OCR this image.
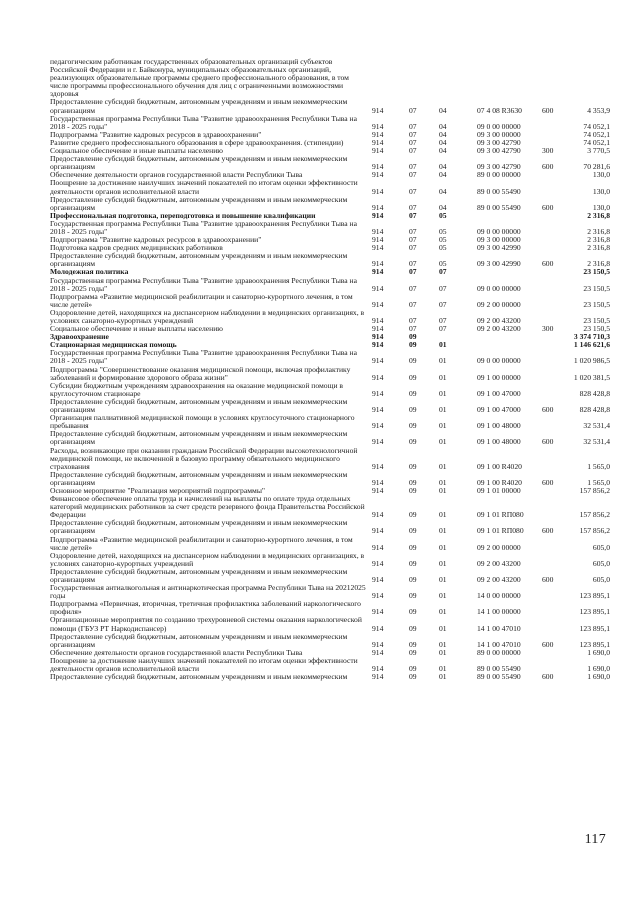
педагогическим работникам государственных образовательных организаций субъектов Российской Федерации и г. Байконура, муниципальных образовательных организаций, реализующих образовательные программы среднего профессионального образования, в том числе программы профессионального обучения для лиц с ограниченными возможностями здоровья						
Предоставление субсидий бюджетным, автономным учреждениям и иным некоммерческим организациям	914	07	04	07 4 08 R3630	600	4 353,9
Государственная программа Республики Тыва "Развитие здравоохранения Республики Тыва на 2018 - 2025 годы"	914	07	04	09 0 00 00000		74 052,1
Подпрограмма "Развитие кадровых ресурсов в здравоохранении"	914	07	04	09 3 00 00000		74 052,1
Развитие среднего профессионального образования в сфере здравоохранения. (стипендии)	914	07	04	09 3 00 42790		74 052,1
Социальное обеспечение и иные выплаты населению	914	07	04	09 3 00 42790	300	3 770,5
Предоставление субсидий бюджетным, автономным учреждениям и иным некоммерческим организациям	914	07	04	09 3 00 42790	600	70 281,6
Обеспечение деятельности органов государственной власти Республики Тыва	914	07	04	89 0 00 00000		130,0
Поощрение за достижение наилучших значений показателей по итогам оценки эффективности деятельности органов исполнительной власти	914	07	04	89 0 00 55490		130,0
Предоставление субсидий бюджетным, автономным учреждениям и иным некоммерческим организациям	914	07	04	89 0 00 55490	600	130,0
Профессиональная подготовка, переподготовка и повышение квалификации	914	07	05			2 316,8
Государственная программа Республики Тыва "Развитие здравоохранения Республики Тыва на 2018 - 2025 годы"	914	07	05	09 0 00 00000		2 316,8
Подпрограмма "Развитие кадровых ресурсов в здравоохранении"	914	07	05	09 3 00 00000		2 316,8
Подготовка кадров средних медицинских работников	914	07	05	09 3 00 42990		2 316,8
Предоставление субсидий бюджетным, автономным учреждениям и иным некоммерческим организациям	914	07	05	09 3 00 42990	600	2 316,8
Молодежная политика	914	07	07			23 150,5
Государственная программа Республики Тыва "Развитие здравоохранения Республики Тыва на 2018 - 2025 годы"	914	07	07	09 0 00 00000		23 150,5
Подпрограмма «Развитие медицинской реабилитации и санаторно-курортного лечения, в том числе детей»	914	07	07	09 2 00 00000		23 150,5
Оздоровление детей, находящихся на диспансерном наблюдении в медицинских организациях, в условиях санаторно-курортных учреждений	914	07	07	09 2 00 43200		23 150,5
Социальное обеспечение и иные выплаты населению	914	07	07	09 2 00 43200	300	23 150,5
Здравоохранение	914	09				3 374 710,3
Стационарная медицинская помощь	914	09	01			1 146 621,6
Государственная программа Республики Тыва "Развитие здравоохранения Республики Тыва на 2018 - 2025 годы"	914	09	01	09 0 00 00000		1 020 986,5
Подпрограмма "Совершенствование оказания медицинской помощи, включая профилактику заболеваний и формирование здорового образа жизни"	914	09	01	09 1 00 00000		1 020 381,5
Субсидии бюджетным учреждениям здравоохранения на оказание медицинской помощи в круглосуточном стационаре	914	09	01	09 1 00 47000		828 428,8
Предоставление субсидий бюджетным, автономным учреждениям и иным некоммерческим организациям	914	09	01	09 1 00 47000	600	828 428,8
Организация паллиативной медицинской помощи в условиях круглосуточного стационарного пребывания	914	09	01	09 1 00 48000		32 531,4
Предоставление субсидий бюджетным, автономным учреждениям и иным некоммерческим организациям	914	09	01	09 1 00 48000	600	32 531,4
Расходы, возникающие при оказании гражданам Российской Федерации высокотехнологичной медицинской помощи, не включенной в базовую программу обязательного медицинского страхования	914	09	01	09 1 00 R4020		1 565,0
Предоставление субсидий бюджетным, автономным учреждениям и иным некоммерческим организациям	914	09	01	09 1 00 R4020	600	1 565,0
Основное мероприятие "Реализация мероприятий подпрограммы"	914	09	01	09 1 01 00000		157 856,2
Финансовое обеспечение оплаты труда и начислений на выплаты по оплате труда отдельных категорий медицинских работников за счет средств резервного фонда Правительства Российской Федерации	914	09	01	09 1 01 RП080		157 856,2
Предоставление субсидий бюджетным, автономным учреждениям и иным некоммерческим организациям	914	09	01	09 1 01 RП080	600	157 856,2
Подпрограмма «Развитие медицинской реабилитации и санаторно-курортного лечения, в том числе детей»	914	09	01	09 2 00 00000		605,0
Оздоровление детей, находящихся на диспансерном наблюдении в медицинских организациях, в условиях санаторно-курортных учреждений	914	09	01	09 2 00 43200		605,0
Предоставление субсидий бюджетным, автономным учреждениям и иным некоммерческим организациям	914	09	01	09 2 00 43200	600	605,0
Государственная антиалкогольная и антинаркотическая программа Республики Тыва на 20212025 годы	914	09	01	14 0 00 00000		123 895,1
Подпрограмма «Первичная, вторичная, третичная профилактика заболеваний наркологического профиля»	914	09	01	14 1 00 00000		123 895,1
Организационные мероприятия по созданию трехуровневой системы оказания наркологической помощи (ГБУЗ РТ Наркодиспансер)	914	09	01	14 1 00 47010		123 895,1
Предоставление субсидий бюджетным, автономным учреждениям и иным некоммерческим организациям	914	09	01	14 1 00 47010	600	123 895,1
Обеспечение деятельности органов государственной власти Республики Тыва	914	09	01	89 0 00 00000		1 690,0
Поощрение за достижение наилучших значений показателей по итогам оценки эффективности деятельности органов исполнительной власти	914	09	01	89 0 00 55490		1 690,0
Предоставление субсидий бюджетным, автономным учреждениям и иным некоммерческим	914	09	01	89 0 00 55490	600	1 690,0
117
